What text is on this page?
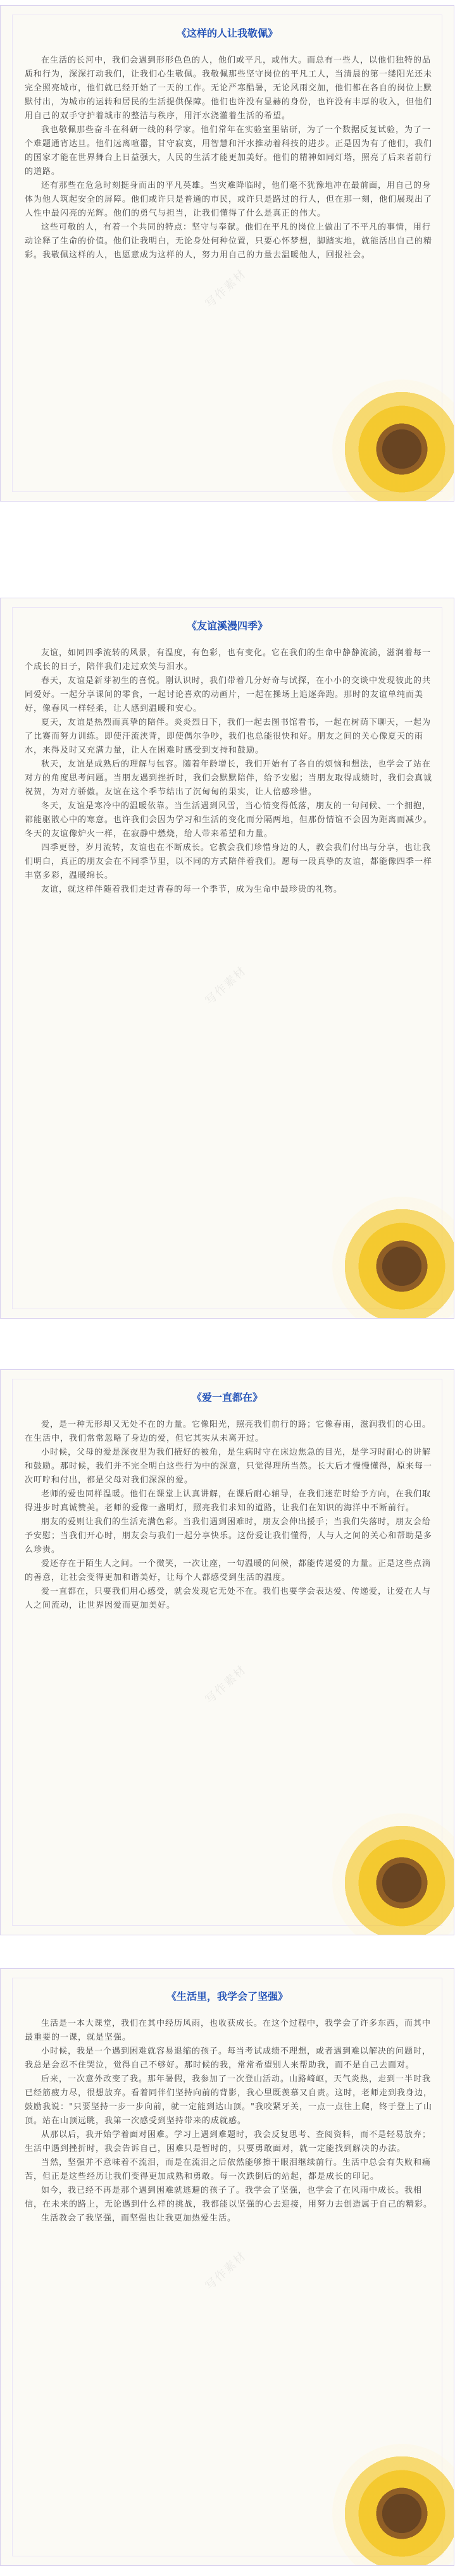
写作素材
《这样的人让我敬佩》

在生活的长河中，我们会遇到形形色色的人，他们或平凡，或伟大。而总有一些人，以他们独特的品质和行为，深深打动我们，让我们心生敬佩。我敬佩那些坚守岗位的平凡工人，当清晨的第一缕阳光还未完全照亮城市，他们就已经开始了一天的工作。无论严寒酷暑，无论风雨交加，他们都在各自的岗位上默默付出，为城市的运转和居民的生活提供保障。他们也许没有显赫的身份，也许没有丰厚的收入，但他们用自己的双手守护着城市的整洁与秩序，用汗水浇灌着生活的希望。

我也敬佩那些奋斗在科研一线的科学家。他们常年在实验室里钻研，为了一个数据反复试验，为了一个难题通宵达旦。他们远离喧嚣，甘守寂寞，用智慧和汗水推动着科技的进步。正是因为有了他们，我们的国家才能在世界舞台上日益强大，人民的生活才能更加美好。他们的精神如同灯塔，照亮了后来者前行的道路。

还有那些在危急时刻挺身而出的平凡英雄。当灾难降临时，他们毫不犹豫地冲在最前面，用自己的身体为他人筑起安全的屏障。他们或许只是普通的市民，或许只是路过的行人，但在那一刻，他们展现出了人性中最闪亮的光辉。他们的勇气与担当，让我们懂得了什么是真正的伟大。

这些可敬的人，有着一个共同的特点：坚守与奉献。他们在平凡的岗位上做出了不平凡的事情，用行动诠释了生命的价值。他们让我明白，无论身处何种位置，只要心怀梦想，脚踏实地，就能活出自己的精彩。我敬佩这样的人，也愿意成为这样的人，努力用自己的力量去温暖他人，回报社会。

写作素材
《友谊溪漫四季》

友谊，如同四季流转的风景，有温度，有色彩，也有变化。它在我们的生命中静静流淌，滋润着每一个成长的日子，陪伴我们走过欢笑与泪水。

春天，友谊是新芽初生的喜悦。刚认识时，我们带着几分好奇与试探，在小小的交谈中发现彼此的共同爱好。一起分享课间的零食，一起讨论喜欢的动画片，一起在操场上追逐奔跑。那时的友谊单纯而美好，像春风一样轻柔，让人感到温暖和安心。

夏天，友谊是热烈而真挚的陪伴。炎炎烈日下，我们一起去图书馆看书，一起在树荫下聊天，一起为了比赛而努力训练。即使汗流浃背，即使偶尔争吵，我们也总能很快和好。朋友之间的关心像夏天的雨水，来得及时又充满力量，让人在困难时感受到支持和鼓励。

秋天，友谊是成熟后的理解与包容。随着年龄增长，我们开始有了各自的烦恼和想法，也学会了站在对方的角度思考问题。当朋友遇到挫折时，我们会默默陪伴，给予安慰；当朋友取得成绩时，我们会真诚祝贺，为对方骄傲。友谊在这个季节结出了沉甸甸的果实，让人倍感珍惜。

冬天，友谊是寒冷中的温暖依靠。当生活遇到风雪，当心情变得低落，朋友的一句问候、一个拥抱，都能驱散心中的寒意。也许我们会因为学习和生活的变化而分隔两地，但那份情谊不会因为距离而减少。冬天的友谊像炉火一样，在寂静中燃烧，给人带来希望和力量。

四季更替，岁月流转，友谊也在不断成长。它教会我们珍惜身边的人，教会我们付出与分享，也让我们明白，真正的朋友会在不同季节里，以不同的方式陪伴着我们。愿每一段真挚的友谊，都能像四季一样丰富多彩，温暖绵长。

友谊，就这样伴随着我们走过青春的每一个季节，成为生命中最珍贵的礼物。

写作素材
《爱一直都在》

爱，是一种无形却又无处不在的力量。它像阳光，照亮我们前行的路；它像春雨，滋润我们的心田。在生活中，我们常常忽略了身边的爱，但它其实从未离开过。

小时候，父母的爱是深夜里为我们掖好的被角，是生病时守在床边焦急的目光，是学习时耐心的讲解和鼓励。那时候，我们并不完全明白这些行为中的深意，只觉得理所当然。长大后才慢慢懂得，原来每一次叮咛和付出，都是父母对我们深深的爱。

老师的爱也同样温暖。他们在课堂上认真讲解，在课后耐心辅导，在我们迷茫时给予方向，在我们取得进步时真诚赞美。老师的爱像一盏明灯，照亮我们求知的道路，让我们在知识的海洋中不断前行。

朋友的爱则让我们的生活充满色彩。当我们遇到困难时，朋友会伸出援手；当我们失落时，朋友会给予安慰；当我们开心时，朋友会与我们一起分享快乐。这份爱让我们懂得，人与人之间的关心和帮助是多么珍贵。

爱还存在于陌生人之间。一个微笑，一次让座，一句温暖的问候，都能传递爱的力量。正是这些点滴的善意，让社会变得更加和谐美好，让每个人都感受到生活的温度。

爱一直都在，只要我们用心感受，就会发现它无处不在。我们也要学会表达爱、传递爱，让爱在人与人之间流动，让世界因爱而更加美好。

写作素材
《生活里，我学会了坚强》

生活是一本大课堂，我们在其中经历风雨，也收获成长。在这个过程中，我学会了许多东西，而其中最重要的一课，就是坚强。

小时候，我是一个遇到困难就容易退缩的孩子。每当考试成绩不理想，或者遇到难以解决的问题时，我总是会忍不住哭泣，觉得自己不够好。那时候的我，常常希望别人来帮助我，而不是自己去面对。

后来，一次意外改变了我。那年暑假，我参加了一次登山活动。山路崎岖，天气炎热，走到一半时我已经筋疲力尽，很想放弃。看着同伴们坚持向前的背影，我心里既羡慕又自责。这时，老师走到我身边，鼓励我说："只要坚持一步一步向前，就一定能到达山顶。"我咬紧牙关，一点一点往上爬，终于登上了山顶。站在山顶远眺，我第一次感受到坚持带来的成就感。

从那以后，我开始学着面对困难。学习上遇到难题时，我会反复思考、查阅资料，而不是轻易放弃；生活中遇到挫折时，我会告诉自己，困难只是暂时的，只要勇敢面对，就一定能找到解决的办法。

当然，坚强并不意味着不流泪，而是在流泪之后依然能够擦干眼泪继续前行。生活中总会有失败和痛苦，但正是这些经历让我们变得更加成熟和勇敢。每一次跌倒后的站起，都是成长的印记。

如今，我已经不再是那个遇到困难就逃避的孩子了。我学会了坚强，也学会了在风雨中成长。我相信，在未来的路上，无论遇到什么样的挑战，我都能以坚强的心去迎接，用努力去创造属于自己的精彩。

生活教会了我坚强，而坚强也让我更加热爱生活。
